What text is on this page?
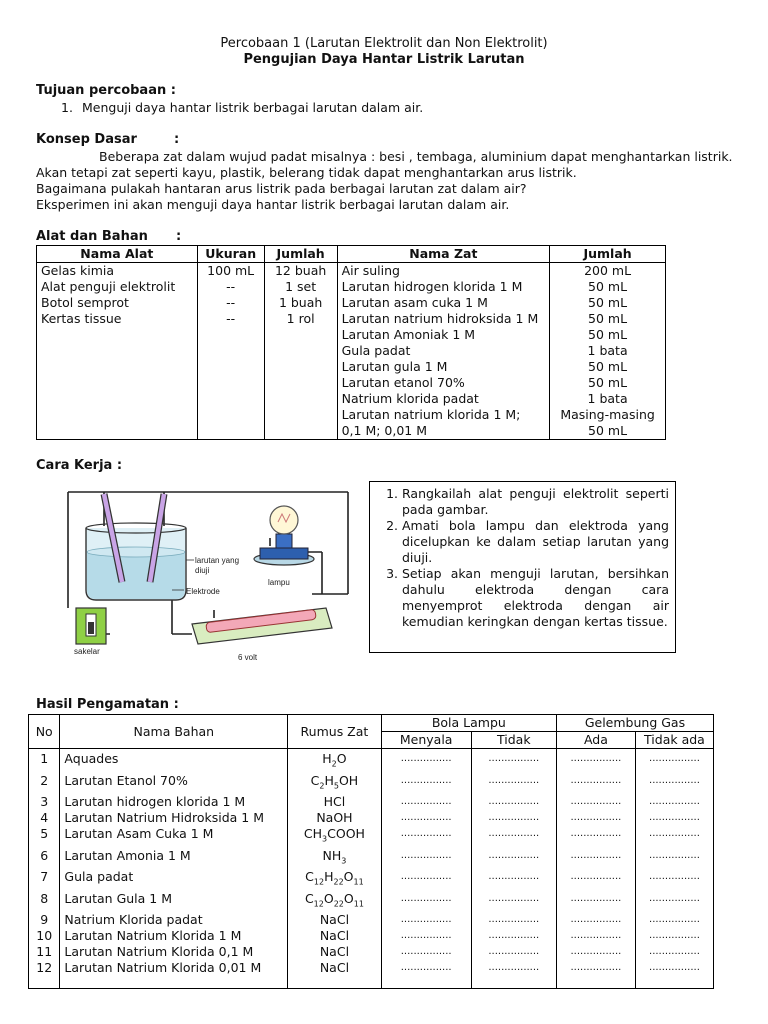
Percobaan 1 (Larutan Elektrolit dan Non Elektrolit)
Pengujian Daya Hantar Listrik Larutan
Tujuan percobaan :
1. Menguji daya hantar listrik berbagai larutan dalam air.
Konsep Dasar	:
Beberapa zat dalam wujud padat misalnya : besi , tembaga, aluminium dapat menghantarkan listrik.
Akan tetapi zat seperti kayu, plastik, belerang tidak dapat menghantarkan arus listrik.
Bagaimana pulakah hantaran arus listrik pada berbagai larutan zat dalam air?
Eksperimen ini akan menguji daya hantar listrik berbagai larutan dalam air.
Alat dan Bahan :
Nama Alat	Ukuran	Jumlah	Nama Zat	Jumlah
Gelas kimia	100 mL	12 buah	Air suling	200 mL
Alat penguji elektrolit	--	1 set	Larutan hidrogen klorida 1 M	50 mL
Botol semprot	--	1 buah	Larutan asam cuka 1 M	50 mL
Kertas tissue	--	1 rol	Larutan natrium hidroksida 1 M	50 mL
			Larutan Amoniak 1 M	50 mL
			Gula padat	1 bata
			Larutan gula 1 M	50 mL
			Larutan etanol 70%	50 mL
			Natrium klorida padat	1 bata
			Larutan natrium klorida 1 M;	Masing-masing
			0,1 M; 0,01 M	50 mL
Cara Kerja :
larutan yang
diuji
lampu
Elektrode
sakelar
6 volt
1. Rangkailah alat penguji elektrolit seperti pada gambar.
2. Amati bola lampu dan elektroda yang dicelupkan ke dalam setiap larutan yang diuji.
3. Setiap akan menguji larutan, bersihkan dahulu elektroda dengan cara menyemprot elektroda dengan air kemudian keringkan dengan kertas tissue.
Hasil Pengamatan :
No	Nama Bahan	Rumus Zat	Bola Lampu		Gelembung Gas	
			Menyala	Tidak	Ada	Tidak ada
1	Aquades	$H_2O$	................	................	................	................
2	Larutan Etanol 70%	$C_2H_5OH$	................	................	................	................
3	Larutan hidrogen klorida 1 M	HCl	................	................	................	................
4	Larutan Natrium Hidroksida 1 M	NaOH	................	................	................	................
5	Larutan Asam Cuka 1 M	$CH_3COOH$	................	................	................	................
6	Larutan Amonia 1 M	$NH_3$	................	................	................	................
7	Gula padat	$C_{12}H_{22}O_{11}$	................	................	................	................
8	Larutan Gula 1 M	$C_{12}O_{22}O_{11}$	................	................	................	................
9	Natrium Klorida padat	NaCl	................	................	................	................
10	Larutan Natrium Klorida 1 M	NaCl	................	................	................	................
11	Larutan Natrium Klorida 0,1 M	NaCl	................	................	................	................
12	Larutan Natrium Klorida 0,01 M	NaCl	................	................	................	................
